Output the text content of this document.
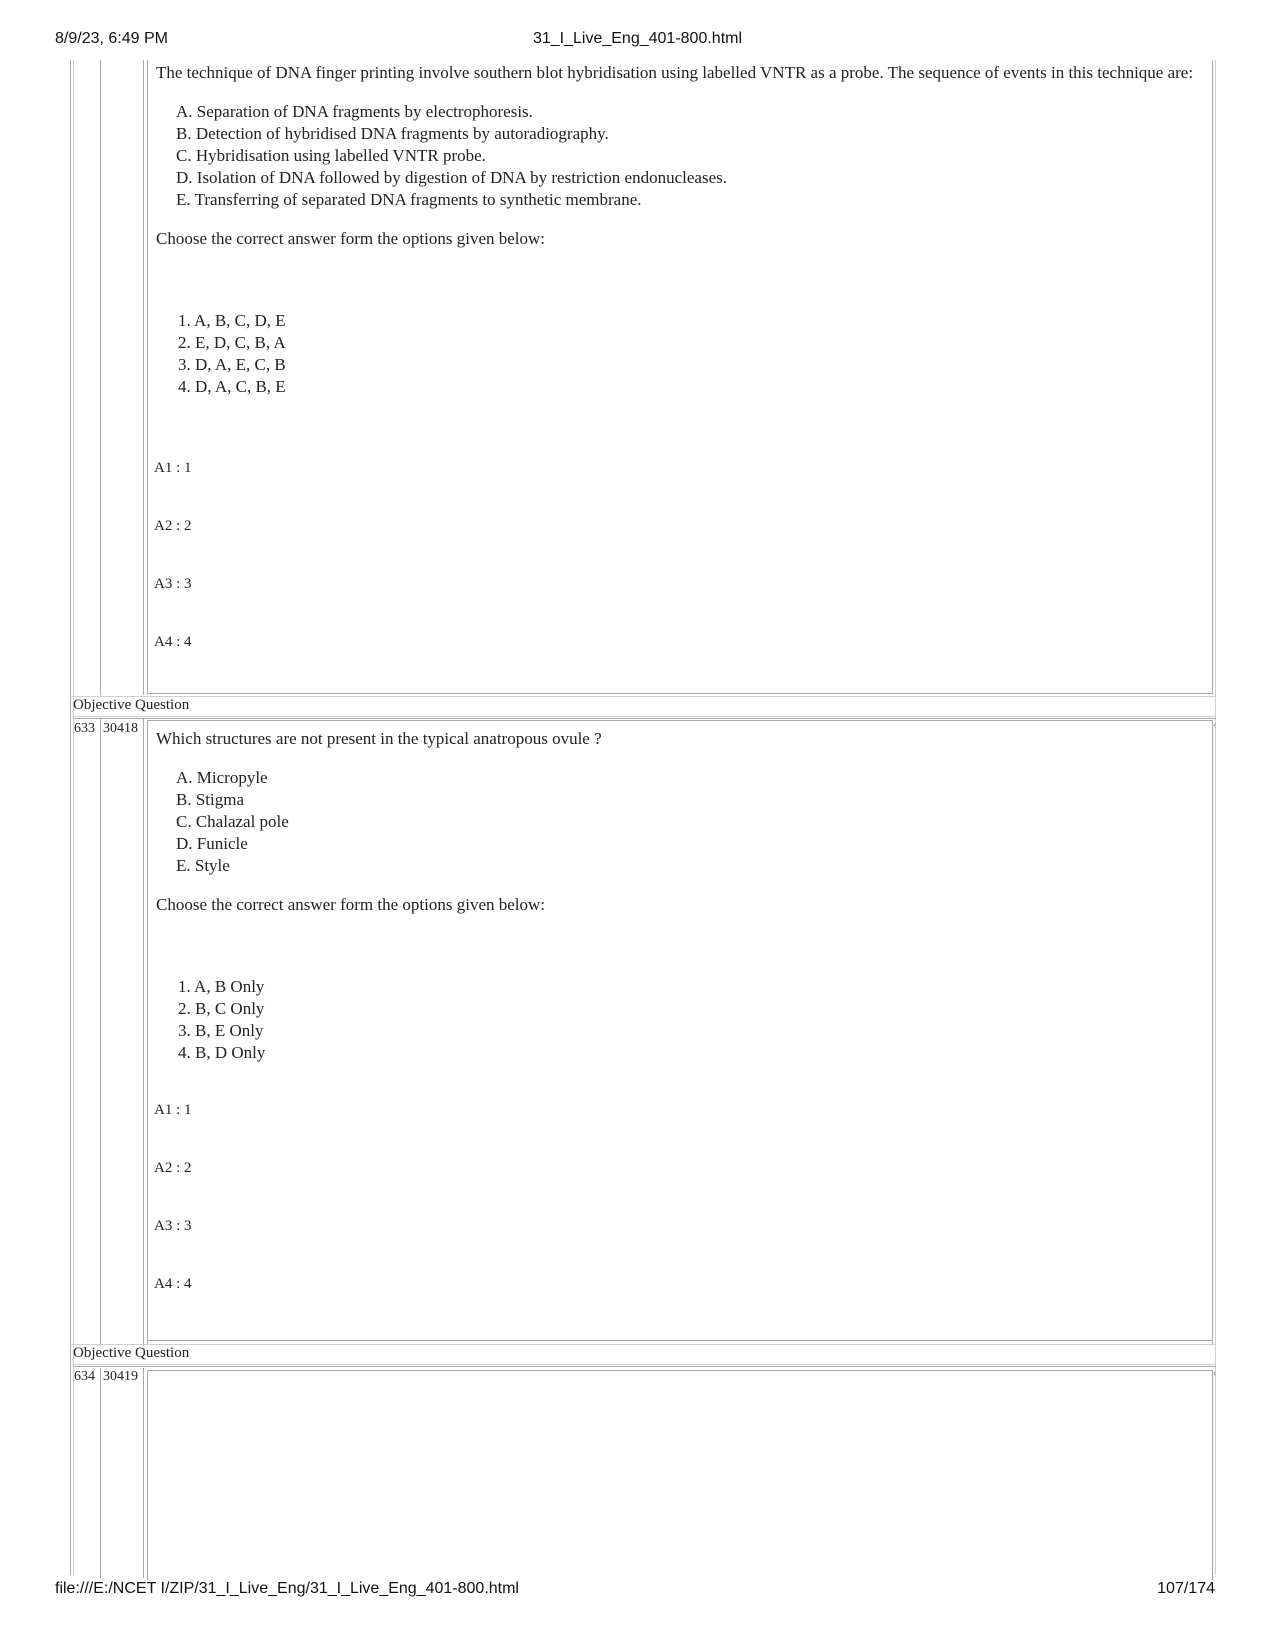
8/9/23, 6:49 PM	31_I_Live_Eng_401-800.html

The technique of DNA finger printing involve southern blot hybridisation using labelled VNTR as a probe. The sequence of events in this technique are:

A. Separation of DNA fragments by electrophoresis.
B. Detection of hybridised DNA fragments by autoradiography.
C. Hybridisation using labelled VNTR probe.
D. Isolation of DNA followed by digestion of DNA by restriction endonucleases.
E. Transferring of separated DNA fragments to synthetic membrane.
Choose the correct answer form the options given below:
1. A, B, C, D, E
2. E, D, C, B, A
3. D, A, E, C, B
4. D, A, C, B, E
A1 : 1
A2 : 2
A3 : 3
A4 : 4
Objective Question
633 30418	‹

Which structures are not present in the typical anatropous ovule ?

A. Micropyle
B. Stigma
C. Chalazal pole
D. Funicle
E. Style
Choose the correct answer form the options given below:
1. A, B Only
2. B, C Only
3. B, E Only
4. B, D Only
A1 : 1
A2 : 2
A3 : 3
A4 : 4
Objective Question
634 30419	‹
file:///E:/NCET I/ZIP/31_I_Live_Eng/31_I_Live_Eng_401-800.html	107/174
